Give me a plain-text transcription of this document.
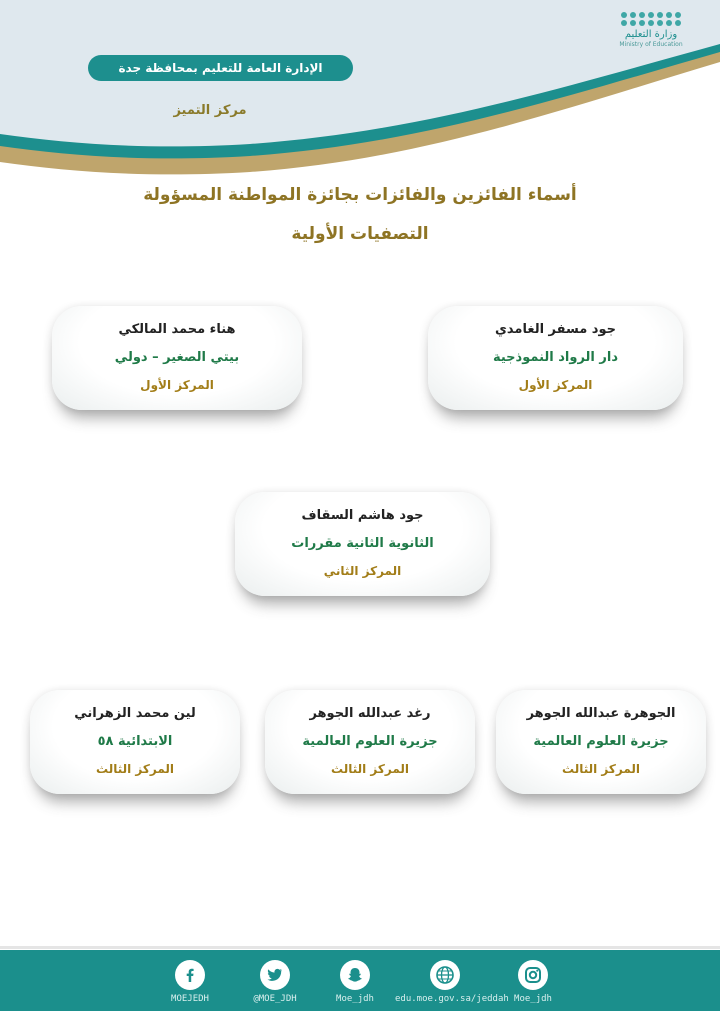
وزارة التعليم
Ministry of Education
الإدارة العامة للتعليم بمحافظة جدة
مركز التميز
أسماء الفائزين والفائزات بجائزة المواطنة المسؤولة
التصفيات الأولية
جود مسفر الغامدي
دار الرواد النموذجية
المركز الأول
هناء محمد المالكي
بيتي الصغير – دولي
المركز الأول
جود هاشم السقاف
الثانوية الثانية مقررات
المركز الثاني
الجوهرة عبدالله الجوهر
جزيرة العلوم العالمية
المركز الثالث
رغد عبدالله الجوهر
جزيرة العلوم العالمية
المركز الثالث
لين محمد الزهراني
الابتدائية ٥٨
المركز الثالث
Moe_jdh
edu.moe.gov.sa/jeddah
Moe_jdh
@MOE_JDH
MOEJEDH
